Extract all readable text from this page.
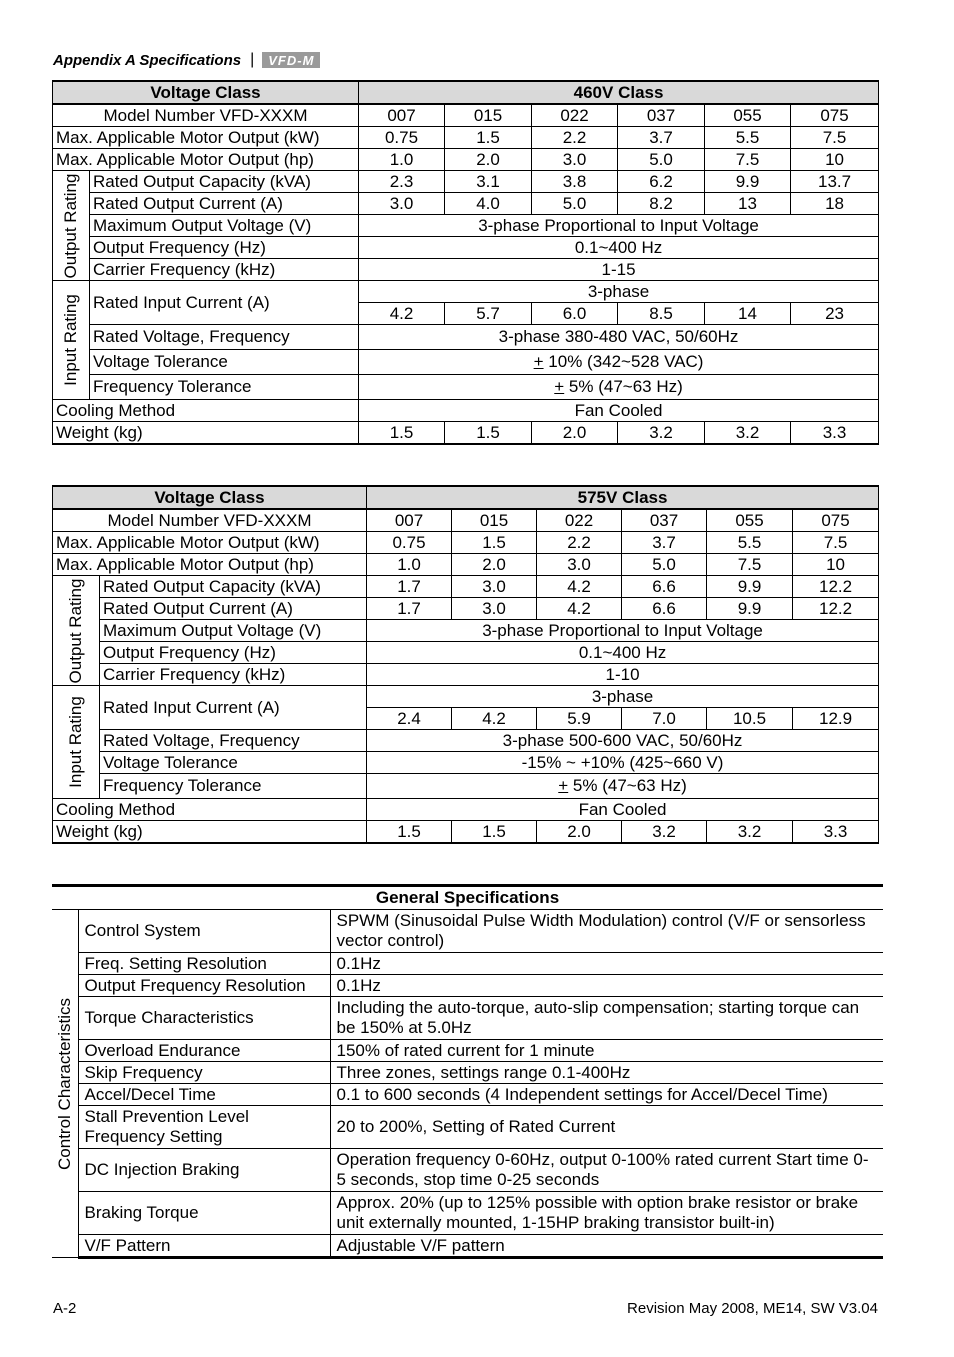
Appendix A Specifications |	VFD-M
Voltage Class		460V Class					
Model Number VFD-XXXM		007	015	022	037	055	075
Max. Applicable Motor Output (kW)		0.75	1.5	2.2	3.7	5.5	7.5
Max. Applicable Motor Output (hp)		1.0	2.0	3.0	5.0	7.5	10

Output Rating	Rated Output Capacity (kVA)	2.3	3.1	3.8	6.2	9.9	13.7
	Rated Output Current (A)	3.0	4.0	5.0	8.2	13	18
	Maximum Output Voltage (V)	3-phase Proportional to Input Voltage					
	Output Frequency (Hz)	0.1~400 Hz					
	Carrier Frequency (kHz)	1-15					

Input Rating	Rated Input Current (A)	3-phase					
		4.2	5.7	6.0	8.5	14	23
	Rated Voltage, Frequency	3-phase 380-480 VAC, 50/60Hz					
	Voltage Tolerance	+ 10% (342~528 VAC)					
	Frequency Tolerance	+ 5% (47~63 Hz)					
Cooling Method		Fan Cooled					
Weight (kg)		1.5	1.5	2.0	3.2	3.2	3.3
Voltage Class		575V Class					
Model Number VFD-XXXM		007	015	022	037	055	075
Max. Applicable Motor Output (kW)		0.75	1.5	2.2	3.7	5.5	7.5
Max. Applicable Motor Output (hp)		1.0	2.0	3.0	5.0	7.5	10

Output Rating	Rated Output Capacity (kVA)	1.7	3.0	4.2	6.6	9.9	12.2
	Rated Output Current (A)	1.7	3.0	4.2	6.6	9.9	12.2
	Maximum Output Voltage (V)	3-phase Proportional to Input Voltage					
	Output Frequency (Hz)	0.1~400 Hz					
	Carrier Frequency (kHz)	1-10					

Input Rating	Rated Input Current (A)	3-phase					
		2.4	4.2	5.9	7.0	10.5	12.9
	Rated Voltage, Frequency	3-phase 500-600 VAC, 50/60Hz					
	Voltage Tolerance	-15% ~ +10% (425~660 V)					
	Frequency Tolerance	+ 5% (47~63 Hz)					
Cooling Method		Fan Cooled					
Weight (kg)		1.5	1.5	2.0	3.2	3.2	3.3
General Specifications		

Control Characteristics	Control System	SPWM (Sinusoidal Pulse Width Modulation) control (V/F or sensorless vector control)
	Freq. Setting Resolution	0.1Hz
	Output Frequency Resolution	0.1Hz
	Torque Characteristics	Including the auto-torque, auto-slip compensation; starting torque can be 150% at 5.0Hz
	Overload Endurance	150% of rated current for 1 minute
	Skip Frequency	Three zones, settings range 0.1-400Hz
	Accel/Decel Time	0.1 to 600 seconds (4 Independent settings for Accel/Decel Time)
	Stall Prevention Level Frequency Setting	20 to 200%, Setting of Rated Current
	DC Injection Braking	Operation frequency 0-60Hz, output 0-100% rated current Start time 0-5 seconds, stop time 0-25 seconds
	Braking Torque	Approx. 20% (up to 125% possible with option brake resistor or brake unit externally mounted, 1-15HP braking transistor built-in)
	V/F Pattern	Adjustable V/F pattern
A-2	Revision May 2008, ME14, SW V3.04
